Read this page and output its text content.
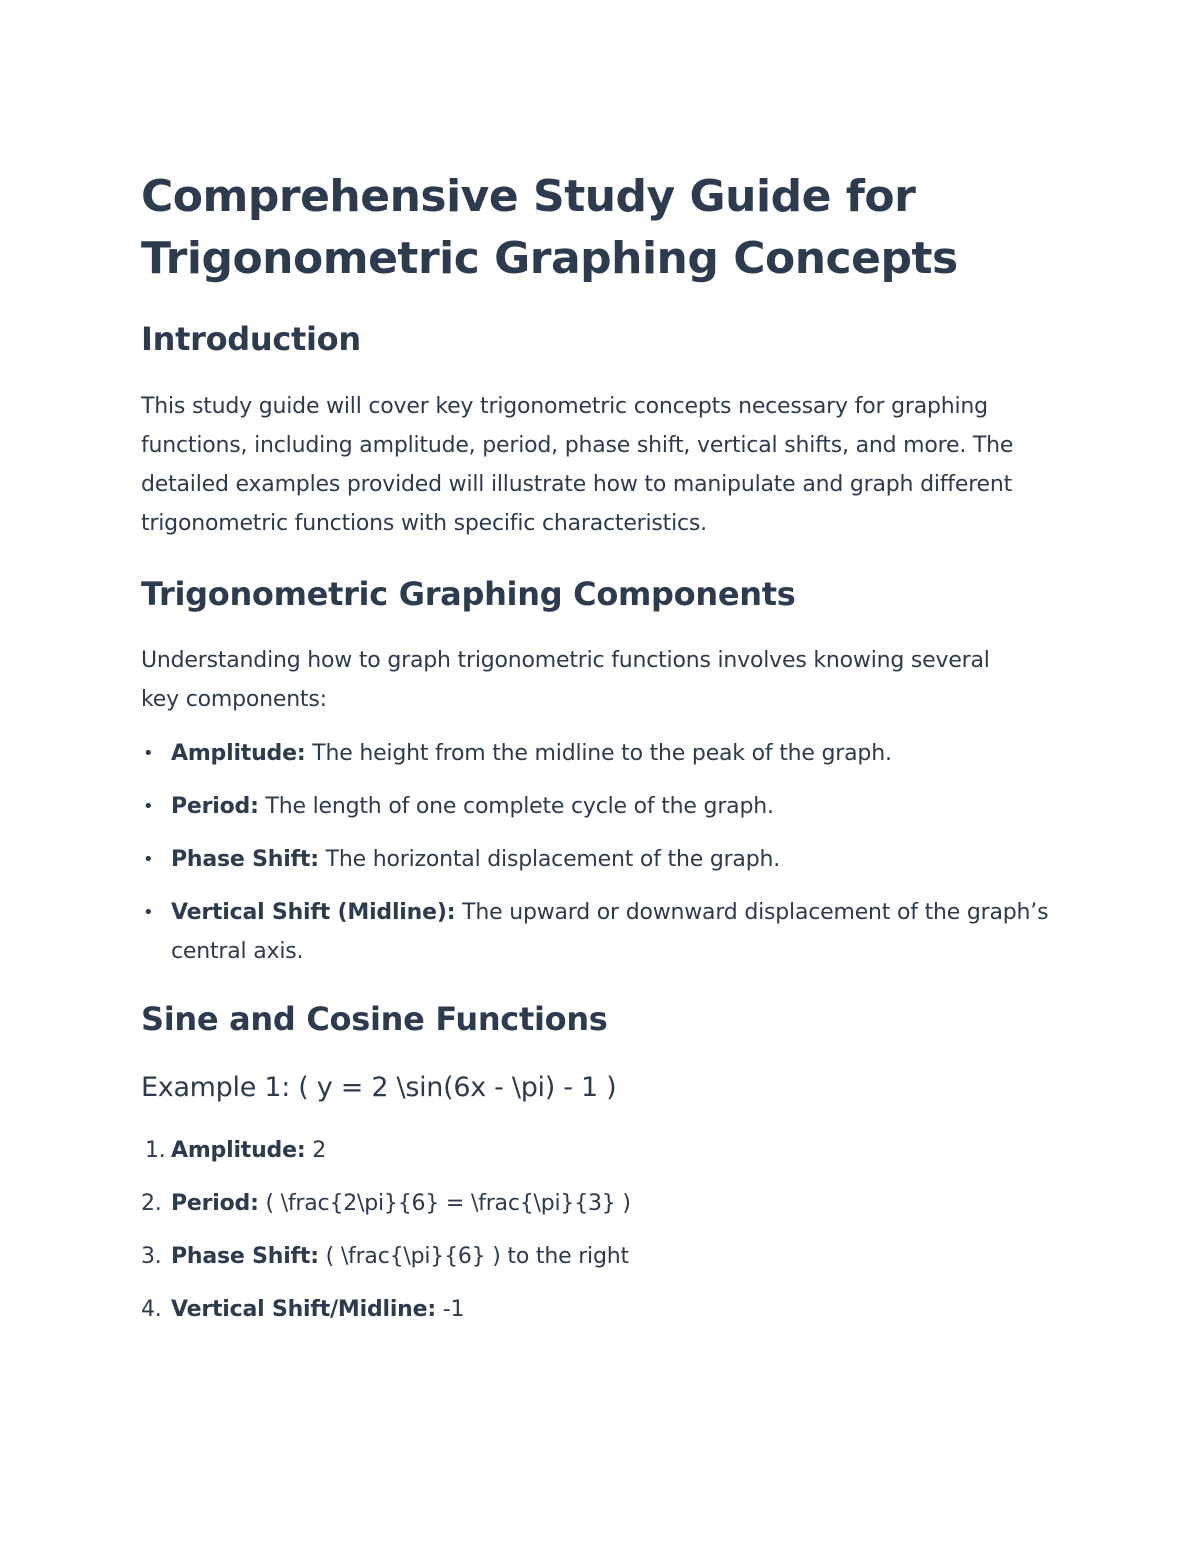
Comprehensive Study Guide for Trigonometric Graphing Concepts
Introduction

This study guide will cover key trigonometric concepts necessary for graphing functions, including amplitude, period, phase shift, vertical shifts, and more. The detailed examples provided will illustrate how to manipulate and graph different trigonometric functions with specific characteristics.

Trigonometric Graphing Components

Understanding how to graph trigonometric functions involves knowing several key components:

• Amplitude: The height from the midline to the peak of the graph.
• Period: The length of one complete cycle of the graph.
• Phase Shift: The horizontal displacement of the graph.
• Vertical Shift (Midline): The upward or downward displacement of the graph’s central axis.
Sine and Cosine Functions
Example 1: ( y = 2 \sin(6x - \pi) - 1 )
1. Amplitude: 2
2. Period: ( \frac{2\pi}{6} = \frac{\pi}{3} )
3. Phase Shift: ( \frac{\pi}{6} ) to the right
4. Vertical Shift/Midline: -1
